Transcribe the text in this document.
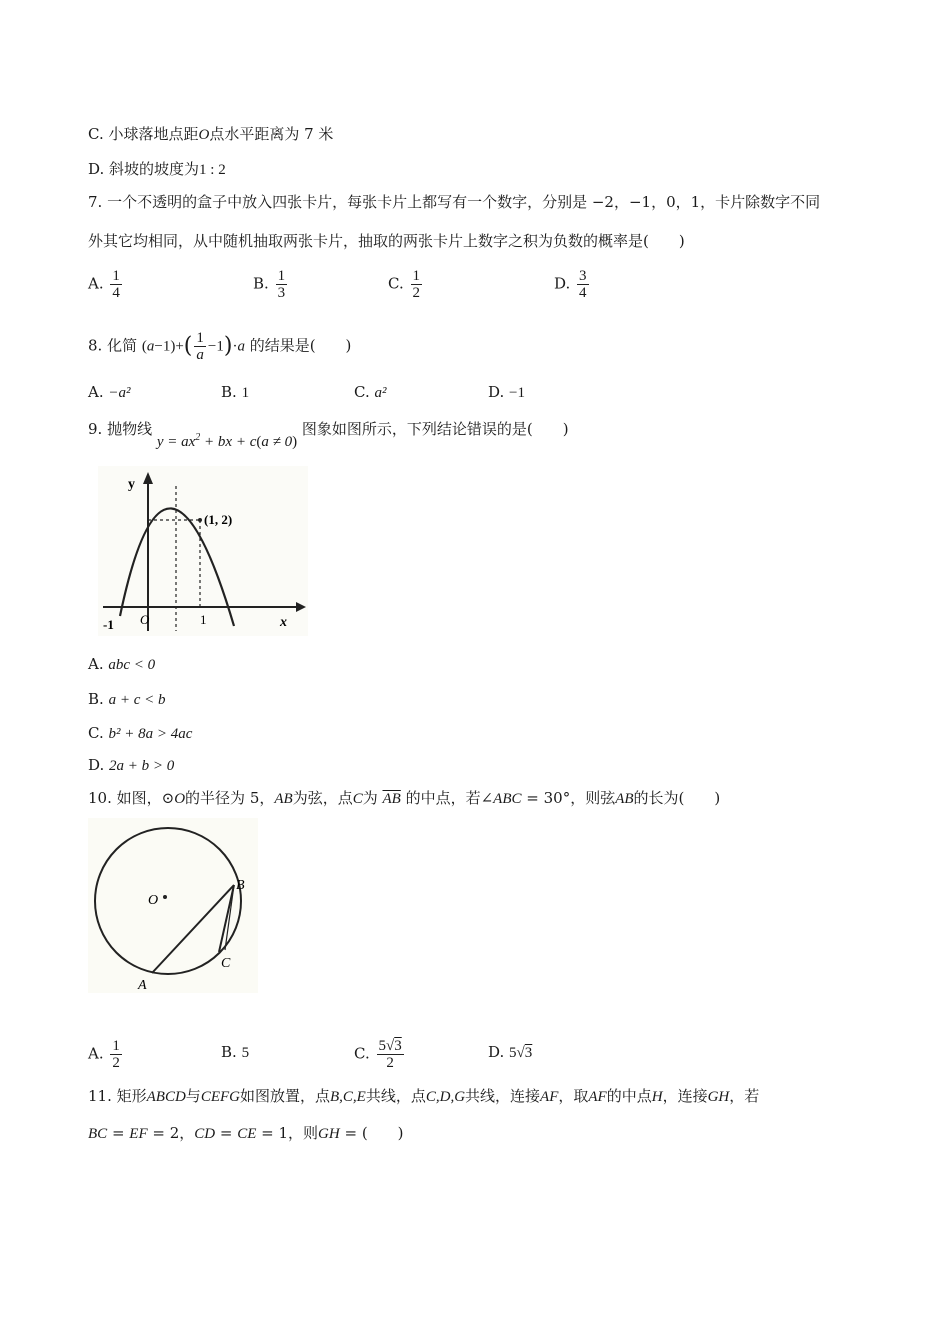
C. 小球落地点距O点水平距离为 7 米
D. 斜坡的坡度为1 : 2
7. 一个不透明的盒子中放入四张卡片，每张卡片上都写有一个数字，分别是 −2，−1，0，1，卡片除数字不同
外其它均相同，从中随机抽取两张卡片，抽取的两张卡片上数字之积为负数的概率是(　　)
A. $\frac{1}{4}$	B. $\frac{1}{3}$	C. $\frac{1}{2}$	D. $\frac{3}{4}$
8. 化简 $(a-1)+( \frac{1}{a} -1)\cdot a$ 的结果是(　　)
A. −a²	B. 1	C. a²	D. −1
9. 抛物线 $y = ax^2$ + bx + c(a ≠ 0) 图象如图所示，下列结论错误的是(　　)
y
x
O
(1, 2)
-1	1
A. abc < 0
B. a + c < b
C. b² + 8a > 4ac
D. 2a + b > 0
10. 如图，⊙O的半径为 5，AB为弦，点C为 $\overline{AB}$ 的中点，若∠ABC = 30°，则弦AB的长为(　　)
O
A
B
C
A. $\frac{1}{2}$	B. 5	C. $\frac{5√3}{2}$	D. 5√3
11. 矩形ABCD与CEFG如图放置，点B,C,E共线，点C,D,G共线，连接AF，取AF的中点H，连接GH，若
BC = EF = 2，CD = CE = 1，则GH = (　　)
